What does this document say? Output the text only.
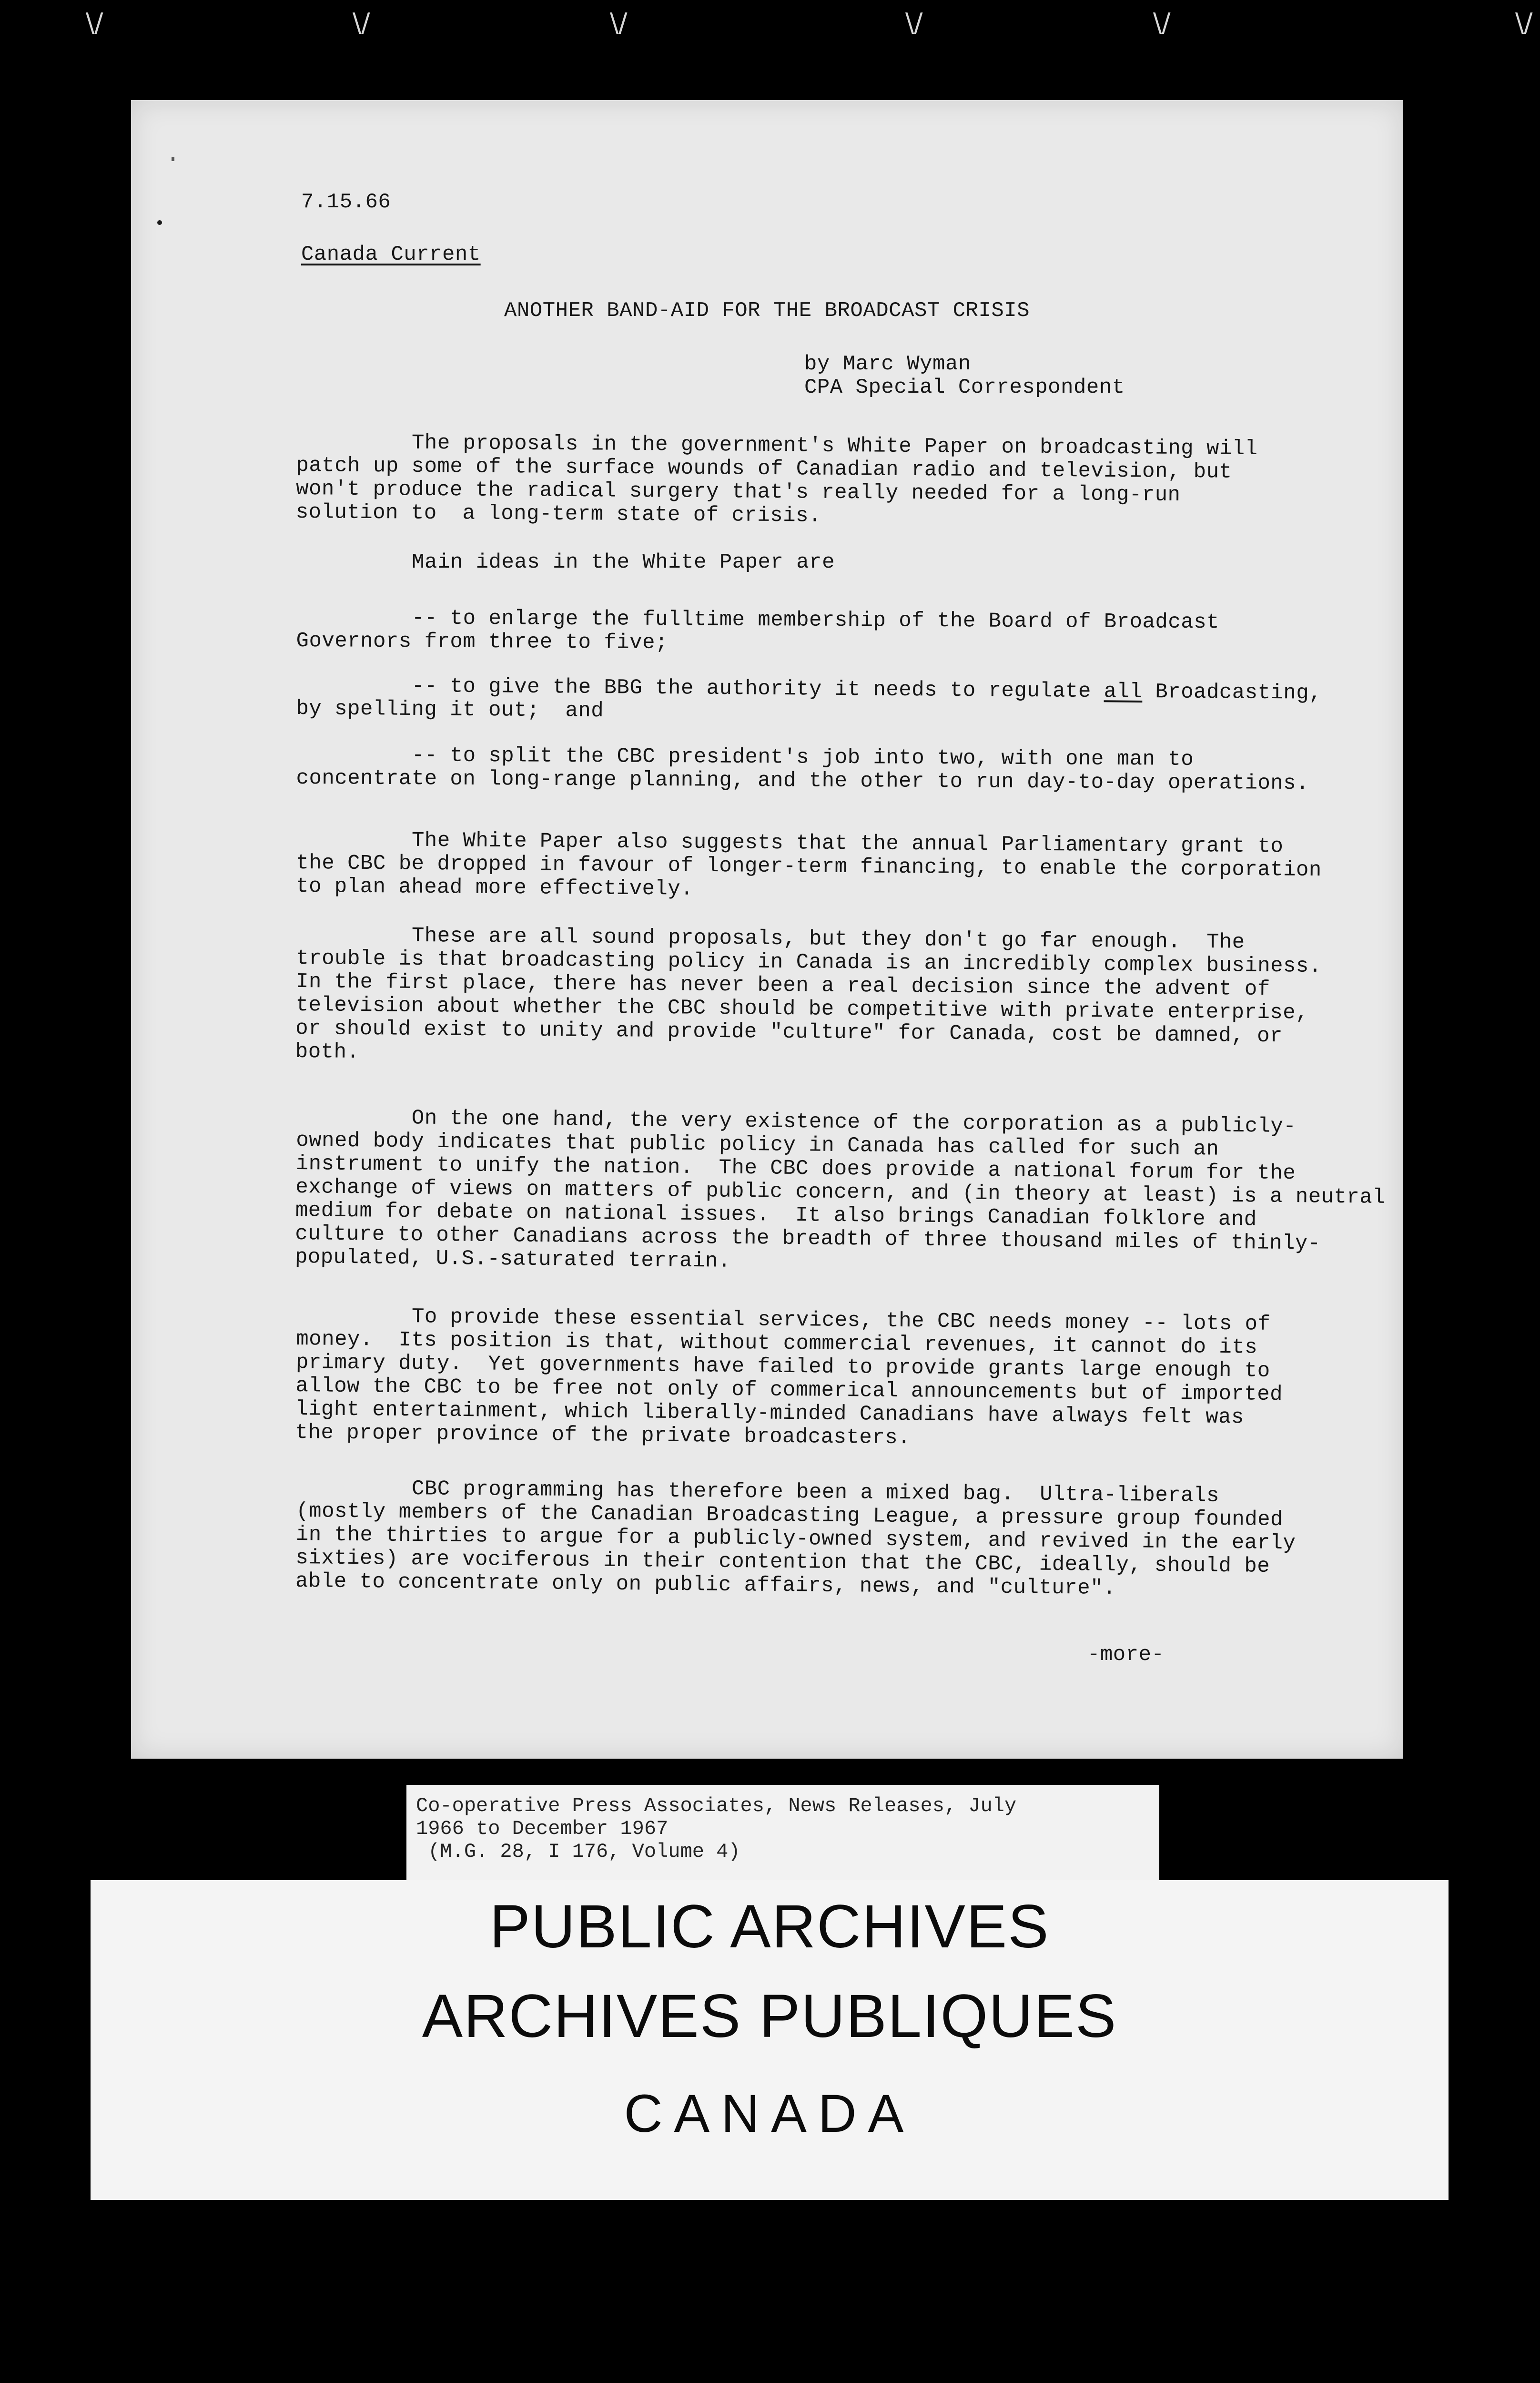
\/	\/	\/	\/	\/	\/
7.15.66
Canada Current
ANOTHER BAND-AID FOR THE BROADCAST CRISIS
by Marc Wyman
CPA Special Correspondent
The proposals in the government's White Paper on broadcasting will
patch up some of the surface wounds of Canadian radio and television, but
won't produce the radical surgery that's really needed for a long-run
solution to  a long-term state of crisis.
Main ideas in the White Paper are
-- to enlarge the fulltime membership of the Board of Broadcast
Governors from three to five;
-- to give the BBG the authority it needs to regulate all Broadcasting,
by spelling it out;  and
-- to split the CBC president's job into two, with one man to
concentrate on long-range planning, and the other to run day-to-day operations.
The White Paper also suggests that the annual Parliamentary grant to
the CBC be dropped in favour of longer-term financing, to enable the corporation
to plan ahead more effectively.
These are all sound proposals, but they don't go far enough.  The
trouble is that broadcasting policy in Canada is an incredibly complex business.
In the first place, there has never been a real decision since the advent of
television about whether the CBC should be competitive with private enterprise,
or should exist to unity and provide "culture" for Canada, cost be damned, or
both.
On the one hand, the very existence of the corporation as a publicly-
owned body indicates that public policy in Canada has called for such an
instrument to unify the nation.  The CBC does provide a national forum for the
exchange of views on matters of public concern, and (in theory at least) is a neutral
medium for debate on national issues.  It also brings Canadian folklore and
culture to other Canadians across the breadth of three thousand miles of thinly-
populated, U.S.-saturated terrain.
To provide these essential services, the CBC needs money -- lots of
money.  Its position is that, without commercial revenues, it cannot do its
primary duty.  Yet governments have failed to provide grants large enough to
allow the CBC to be free not only of commerical announcements but of imported
light entertainment, which liberally-minded Canadians have always felt was
the proper province of the private broadcasters.
CBC programming has therefore been a mixed bag.  Ultra-liberals
(mostly members of the Canadian Broadcasting League, a pressure group founded
in the thirties to argue for a publicly-owned system, and revived in the early
sixties) are vociferous in their contention that the CBC, ideally, should be
able to concentrate only on public affairs, news, and "culture".
-more-
Co-operative Press Associates, News Releases, July
1966 to December 1967
(M.G. 28, I 176, Volume 4)
PUBLIC ARCHIVES
ARCHIVES PUBLIQUES
CANADA
